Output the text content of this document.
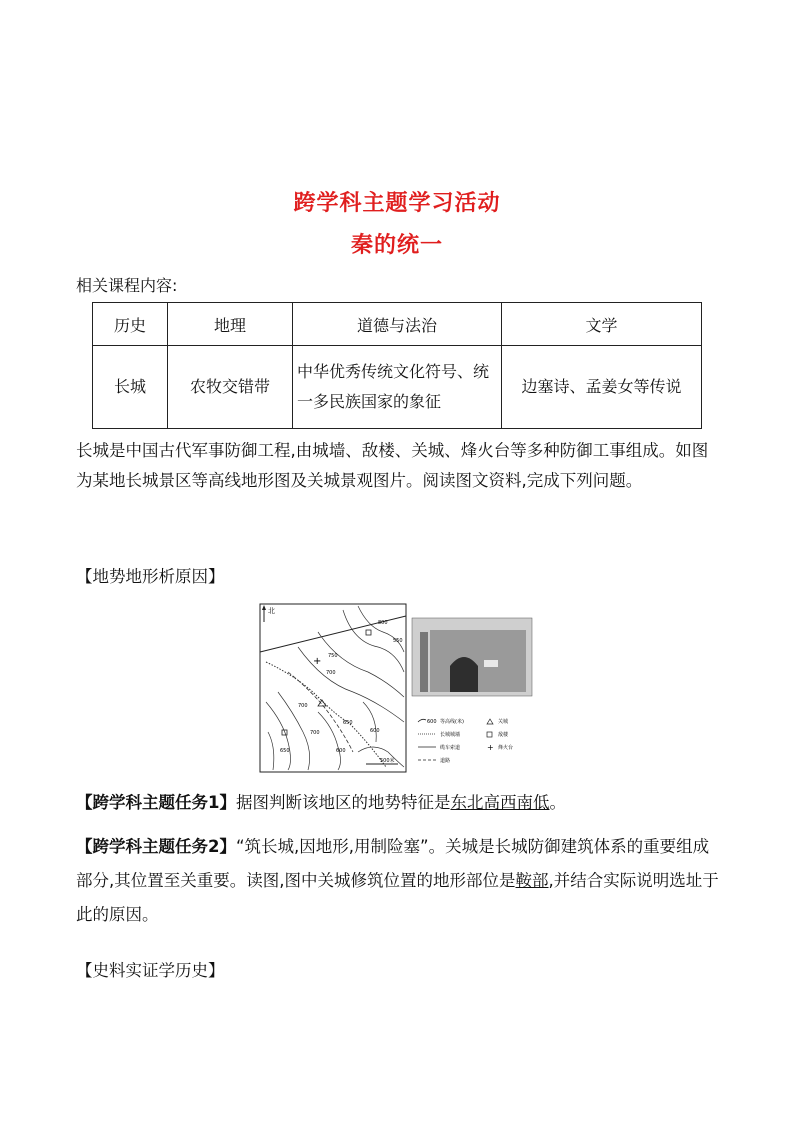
跨学科主题学习活动
秦的统一
相关课程内容:
历史	地理	道德与法治	文学
长城	农牧交错带	中华优秀传统文化符号、统一多民族国家的象征	边塞诗、孟姜女等传说
长城是中国古代军事防御工程,由城墙、敌楼、关城、烽火台等多种防御工事组成。如图为某地长城景区等高线地形图及关城景观图片。阅读图文资料,完成下列问题。
【地势地形析原因】
北
800
750
700
650
700
650
600
550
600
700
+
500米
600 等高线(米)
长城城墙
缆车索道
道路
关城
敌楼
+ 烽火台
【跨学科主题任务1】据图判断该地区的地势特征是东北高西南低。
【跨学科主题任务2】“筑长城,因地形,用制险塞”。关城是长城防御建筑体系的重要组成部分,其位置至关重要。读图,图中关城修筑位置的地形部位是鞍部,并结合实际说明选址于此的原因。
【史料实证学历史】
